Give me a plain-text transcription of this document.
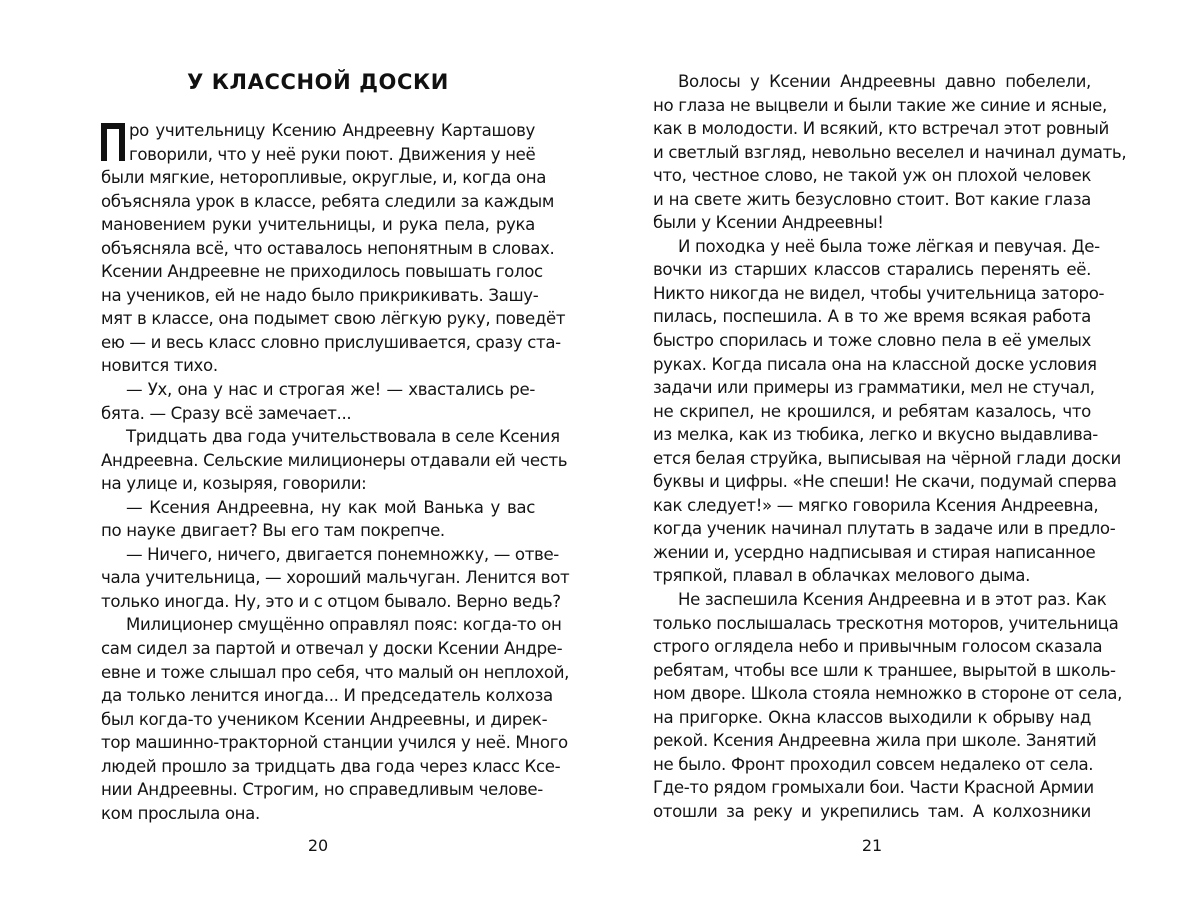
У КЛАССНОЙ ДОСКИ
ро учительницу Ксению Андреевну Карташову
говорили, что у неё руки поют. Движения у неё
были мягкие, неторопливые, округлые, и, когда она
объясняла урок в классе, ребята следили за каждым
мановением руки учительницы, и рука пела, рука
объясняла всё, что оставалось непонятным в словах.
Ксении Андреевне не приходилось повышать голос
на учеников, ей не надо было прикрикивать. Зашу-
мят в классе, она подымет свою лёгкую руку, поведёт
ею — и весь класс словно прислушивается, сразу ста-
новится тихо.
— Ух, она у нас и строгая же! — хвастались ре-
бята. — Сразу всё замечает...
Тридцать два года учительствовала в селе Ксения
Андреевна. Сельские милиционеры отдавали ей честь
на улице и, козыряя, говорили:
— Ксения Андреевна, ну как мой Ванька у вас
по науке двигает? Вы его там покрепче.
— Ничего, ничего, двигается понемножку, — отве-
чала учительница, — хороший мальчуган. Ленится вот
только иногда. Ну, это и с отцом бывало. Верно ведь?
Милиционер смущённо оправлял пояс: когда-то он
сам сидел за партой и отвечал у доски Ксении Андре-
евне и тоже слышал про себя, что малый он неплохой,
да только ленится иногда... И председатель колхоза
был когда-то учеником Ксении Андреевны, и дирек-
тор машинно-тракторной станции учился у неё. Много
людей прошло за тридцать два года через класс Ксе-
нии Андреевны. Строгим, но справедливым челове-
ком прослыла она.
20
Волосы у Ксении Андреевны давно побелели,
но глаза не выцвели и были такие же синие и ясные,
как в молодости. И всякий, кто встречал этот ровный
и светлый взгляд, невольно веселел и начинал думать,
что, честное слово, не такой уж он плохой человек
и на свете жить безусловно стоит. Вот какие глаза
были у Ксении Андреевны!
И походка у неё была тоже лёгкая и певучая. Де-
вочки из старших классов старались перенять её.
Никто никогда не видел, чтобы учительница заторо-
пилась, поспешила. А в то же время всякая работа
быстро спорилась и тоже словно пела в её умелых
руках. Когда писала она на классной доске условия
задачи или примеры из грамматики, мел не стучал,
не скрипел, не крошился, и ребятам казалось, что
из мелка, как из тюбика, легко и вкусно выдавлива-
ется белая струйка, выписывая на чёрной глади доски
буквы и цифры. «Не спеши! Не скачи, подумай сперва
как следует!» — мягко говорила Ксения Андреевна,
когда ученик начинал плутать в задаче или в предло-
жении и, усердно надписывая и стирая написанное
тряпкой, плавал в облачках мелового дыма.
Не заспешила Ксения Андреевна и в этот раз. Как
только послышалась трескотня моторов, учительница
строго оглядела небо и привычным голосом сказала
ребятам, чтобы все шли к траншее, вырытой в школь-
ном дворе. Школа стояла немножко в стороне от села,
на пригорке. Окна классов выходили к обрыву над
рекой. Ксения Андреевна жила при школе. Занятий
не было. Фронт проходил совсем недалеко от села.
Где-то рядом громыхали бои. Части Красной Армии
отошли за реку и укрепились там. А колхозники
21
